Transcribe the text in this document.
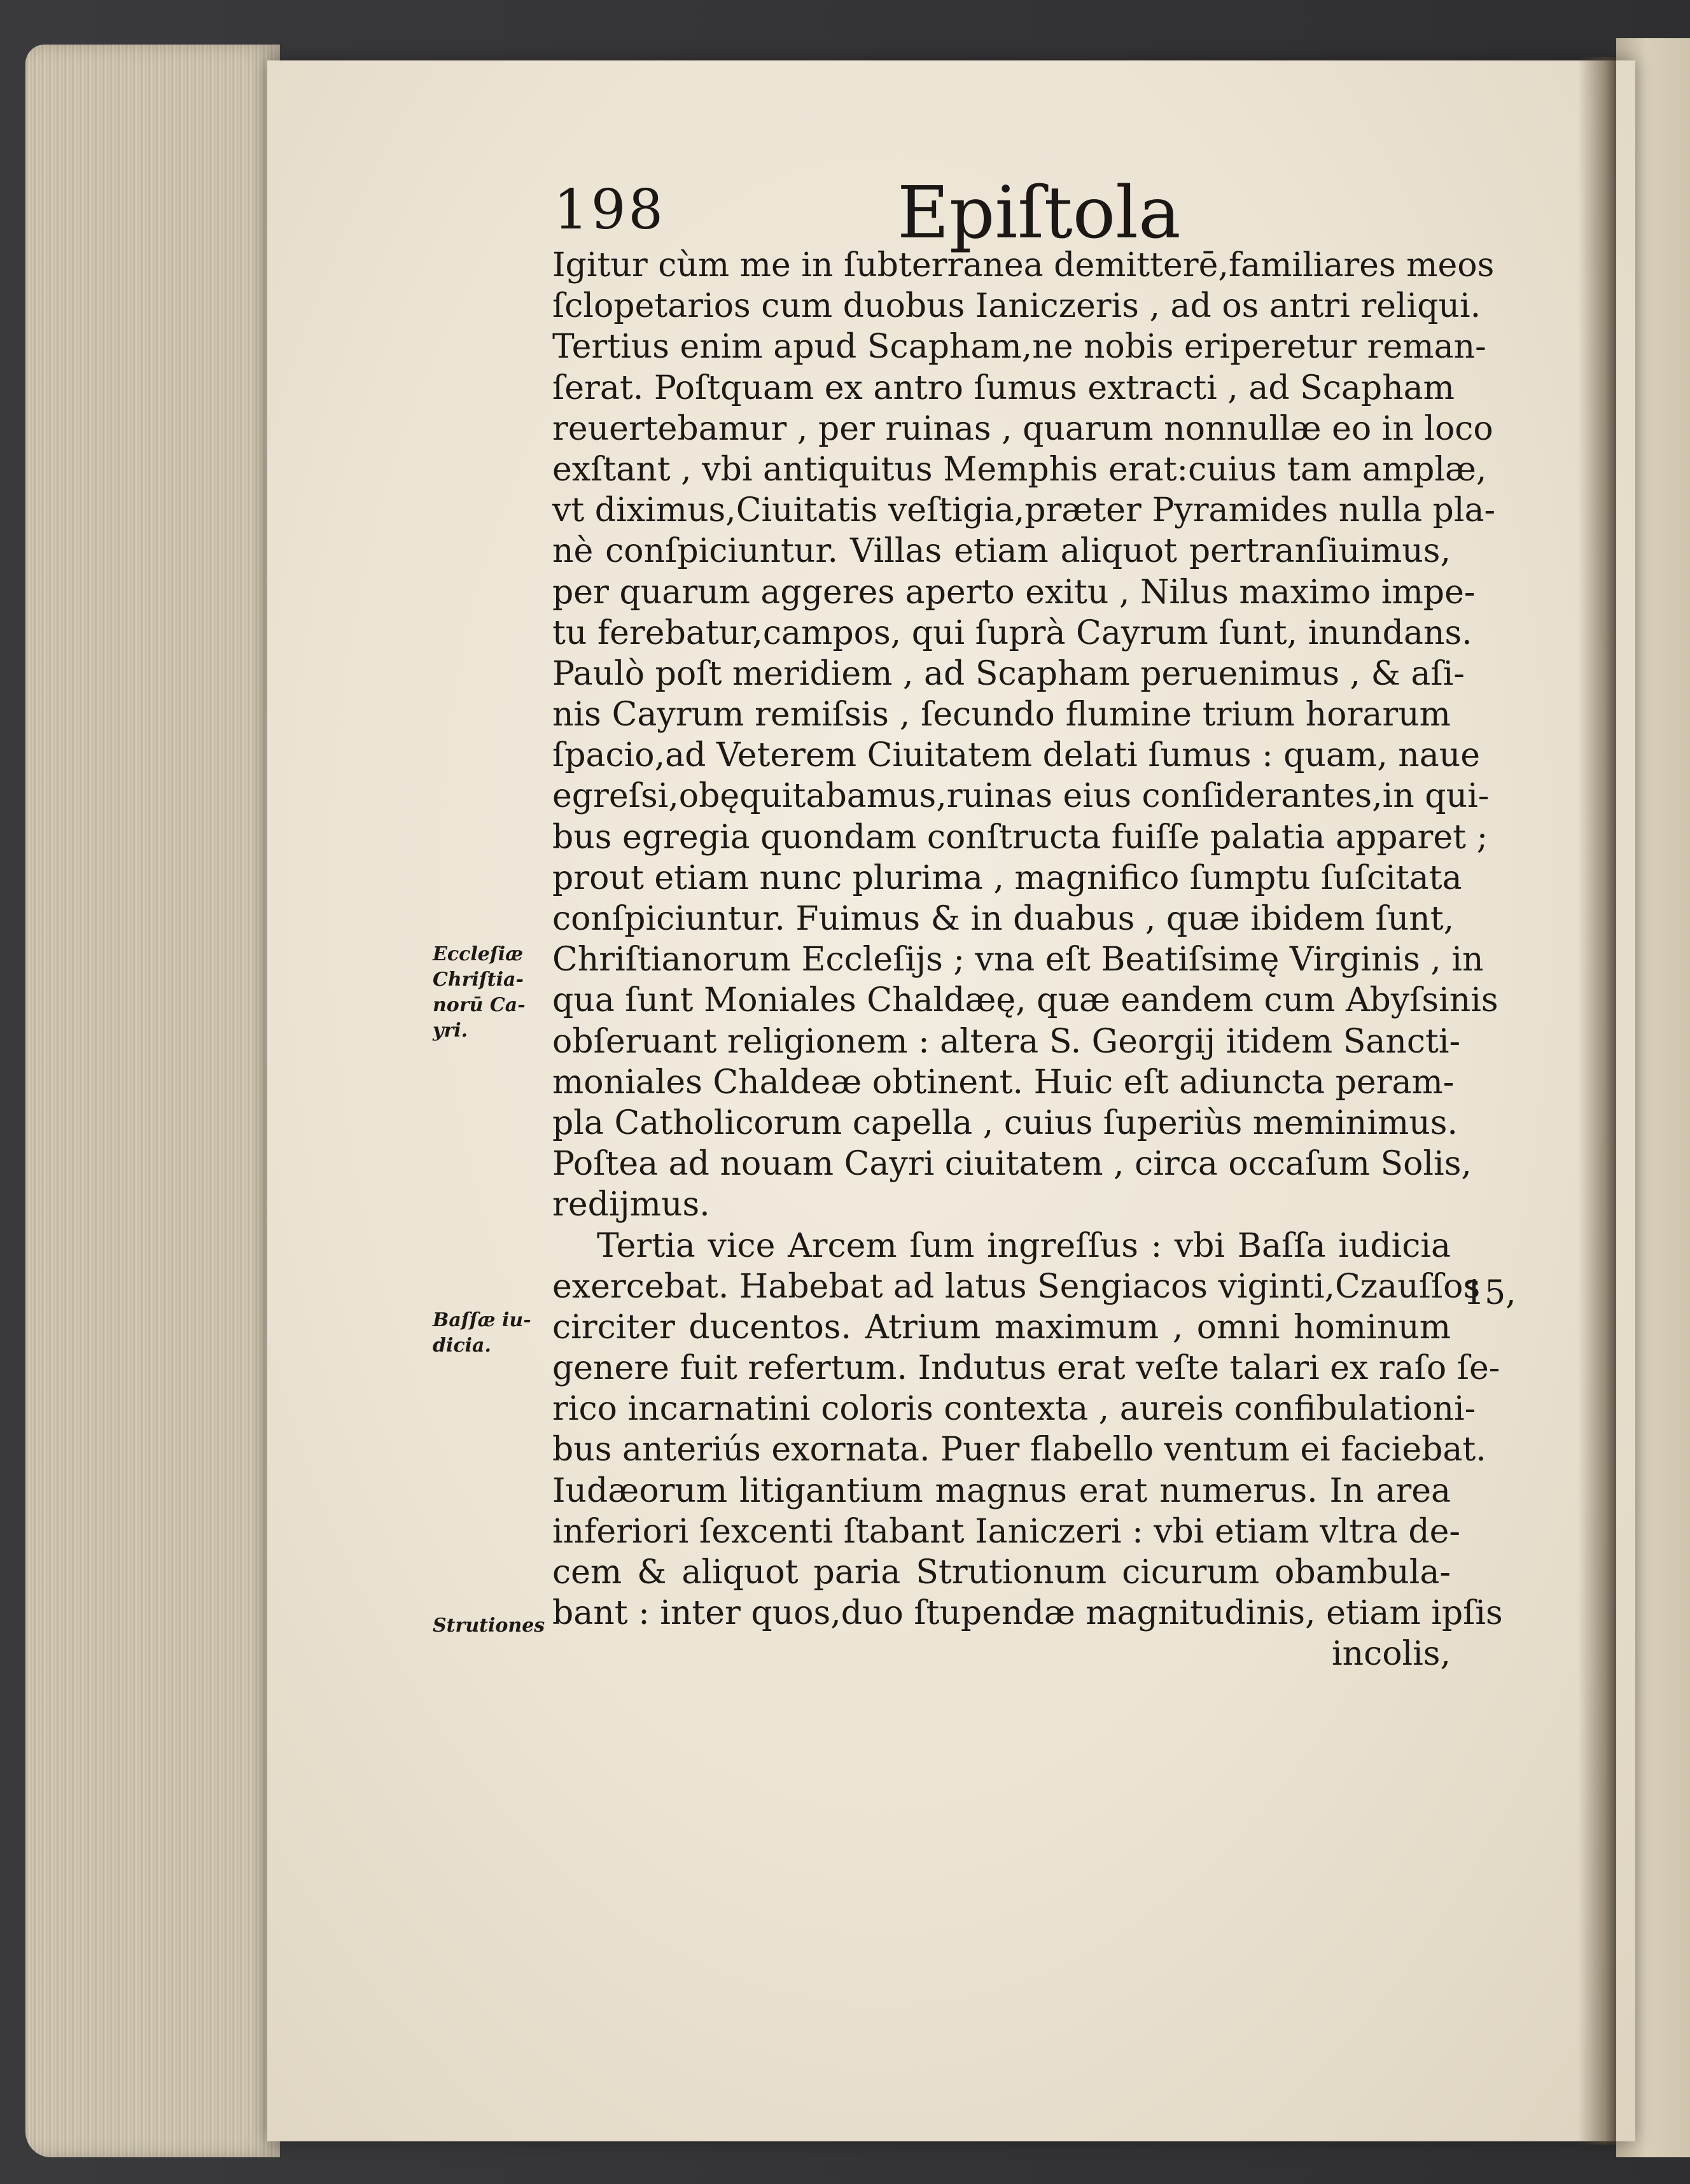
198	Epiſtola
Igitur cùm me in ſubterranea demitterē,familiares meos
ſclopetarios cum duobus Ianiczeris , ad os antri reliqui.
Tertius enim apud Scapham,ne nobis eriperetur reman-
ſerat. Poſtquam ex antro ſumus extracti , ad Scapham
reuertebamur , per ruinas , quarum nonnullæ eo in loco
exſtant , vbi antiquitus Memphis erat:cuius tam amplæ,
vt diximus,Ciuitatis veſtigia,præter Pyramides nulla pla-
nè conſpiciuntur. Villas etiam aliquot pertranſiuimus,
per quarum aggeres aperto exitu , Nilus maximo impe-
tu ferebatur,campos, qui ſuprà Cayrum ſunt, inundans.
Paulò poſt meridiem , ad Scapham peruenimus , & aſi-
nis Cayrum remiſsis , ſecundo flumine trium horarum
ſpacio,ad Veterem Ciuitatem delati ſumus : quam, naue
egreſsi,obęquitabamus,ruinas eius conſiderantes,in qui-
bus egregia quondam conſtructa fuiſſe palatia apparet ;
prout etiam nunc plurima , magnifico ſumptu ſuſcitata
conſpiciuntur. Fuimus & in duabus , quæ ibidem ſunt,
Chriſtianorum Eccleſijs ; vna eſt Beatiſsimę Virginis , in
qua ſunt Moniales Chaldæę, quæ eandem cum Abyſsinis
obſeruant religionem : altera S. Georgij itidem Sancti-
moniales Chaldeæ obtinent. Huic eſt adiuncta peram-
pla Catholicorum capella , cuius ſuperiùs meminimus.
Poſtea ad nouam Cayri ciuitatem , circa occaſum Solis,
redijmus.
Tertia vice Arcem ſum ingreſſus : vbi Baſſa iudicia
exercebat. Habebat ad latus Sengiacos viginti,Czauſſos
circiter ducentos. Atrium maximum , omni hominum
genere fuit refertum. Indutus erat veſte talari ex raſo ſe-
rico incarnatini coloris contexta , aureis confibulationi-
bus anteriús exornata. Puer flabello ventum ei faciebat.
Iudæorum litigantium magnus erat numerus. In area
inferiori ſexcenti ſtabant Ianiczeri : vbi etiam vltra de-
cem & aliquot paria Strutionum cicurum obambula-
bant : inter quos,duo ſtupendæ magnitudinis, etiam ipſis
incolis,
Eccleſiæ
Chriſtia-
norū Ca-
yri.
Baſſæ iu-
dicia.
Strutiones
15,
